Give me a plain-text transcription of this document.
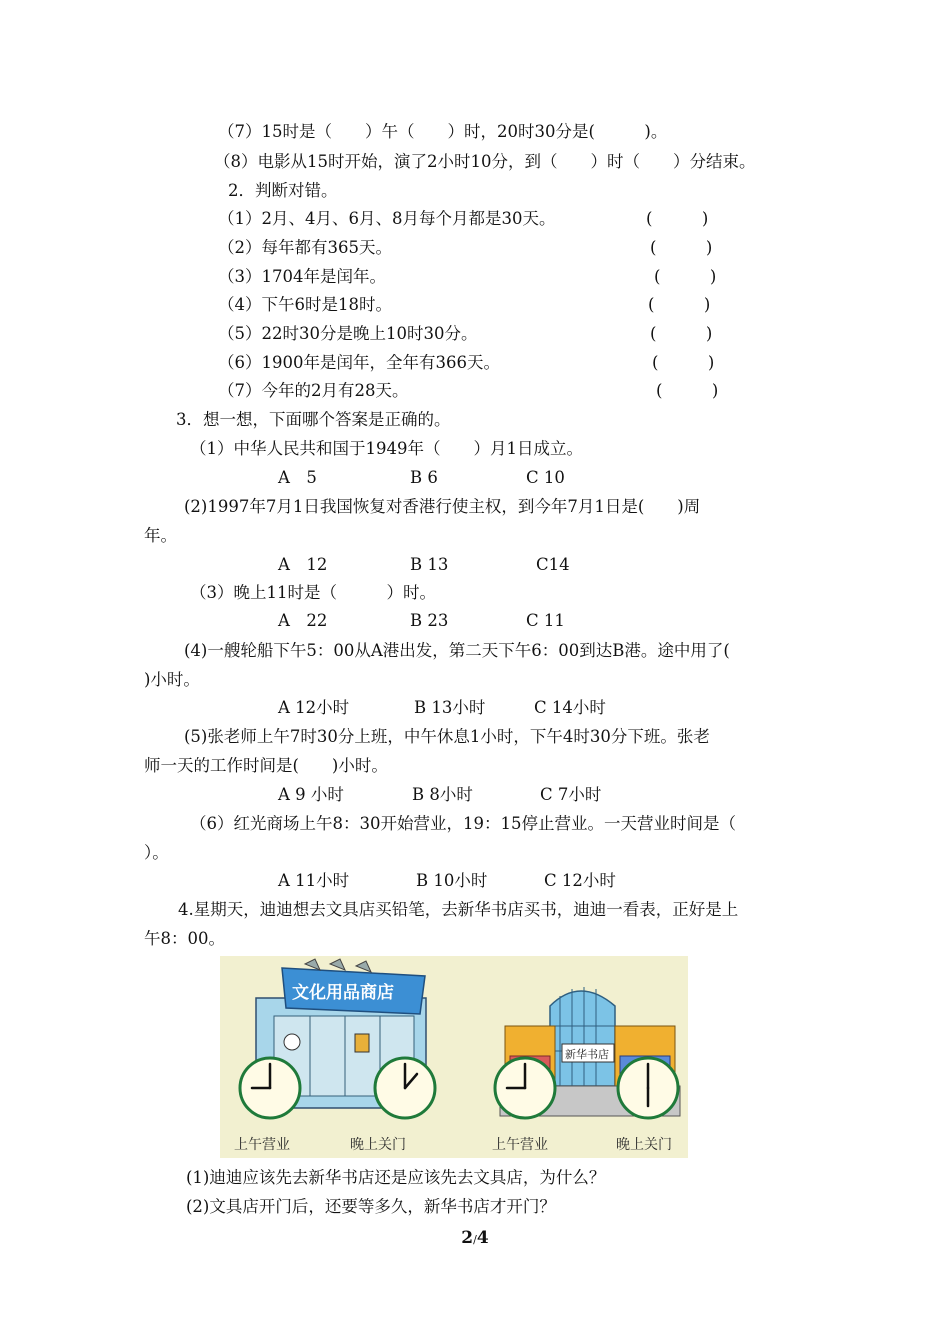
（7）15时是（　　）午（　　）时，20时30分是(　　　)。
（8）电影从15时开始，演了2小时10分，到（　　）时（　　）分结束。
2．判断对错。
（1）2月、4月、6月、8月每个月都是30天。	(　　　)
（2）每年都有365天。	(　　　)
（3）1704年是闰年。	(　　　)
（4）下午6时是18时。	(　　　)
（5）22时30分是晚上10时30分。	(　　　)
（6）1900年是闰年，全年有366天。	(　　　)
（7）今年的2月有28天。	(　　　)
3．想一想，下面哪个答案是正确的。
（1）中华人民共和国于1949年（　　）月1日成立。
A　5	B 6	C 10
(2)1997年7月1日我国恢复对香港行使主权，到今年7月1日是(　　)周
年。
A　12	B 13	C14
（3）晚上11时是（　　　）时。
A　22	B 23	C 11
(4)一艘轮船下午5：00从A港出发，第二天下午6：00到达B港。途中用了(
)小时。
A 12小时	B 13小时	C 14小时
(5)张老师上午7时30分上班，中午休息1小时，下午4时30分下班。张老
师一天的工作时间是(　　)小时。
A 9 小时	B 8小时	C 7小时
（6）红光商场上午8：30开始营业，19：15停止营业。一天营业时间是（
）。
A 11小时	B 10小时	C 12小时
4.星期天，迪迪想去文具店买铅笔，去新华书店买书，迪迪一看表，正好是上
午8：00。
文化用品商店
新华书店
上午营业	晚上关门	上午营业	晚上关门
(1)迪迪应该先去新华书店还是应该先去文具店，为什么？
(2)文具店开门后，还要等多久，新华书店才开门？
2/4
